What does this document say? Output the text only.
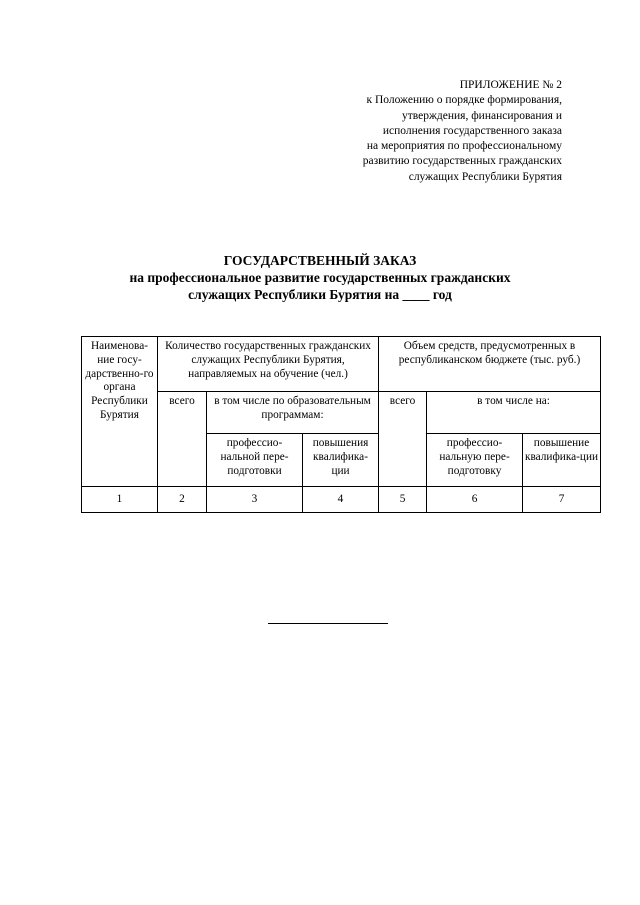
ПРИЛОЖЕНИЕ № 2
к Положению о порядке формирования,
утверждения, финансирования и
исполнения государственного заказа
на мероприятия по профессиональному
развитию государственных гражданских
служащих Республики Бурятия
ГОСУДАРСТВЕННЫЙ ЗАКАЗ
на профессиональное развитие государственных гражданских
служащих Республики Бурятия на ____ год
Наименова-ние госу-дарственно-го органа Республики Бурятия	Количество государственных гражданских служащих Республики Бурятия, направляемых на обучение (чел.)			Объем средств, предусмотренных в республиканском бюджете (тыс. руб.)		
	всего	в том числе по образовательным программам:		всего	в том числе на:	
		профессио-нальной пере-подготовки	повышения квалифика-ции		профессио-нальную пере-подготовку	повышение квалифика-ции
1	2	3	4	5	6	7
